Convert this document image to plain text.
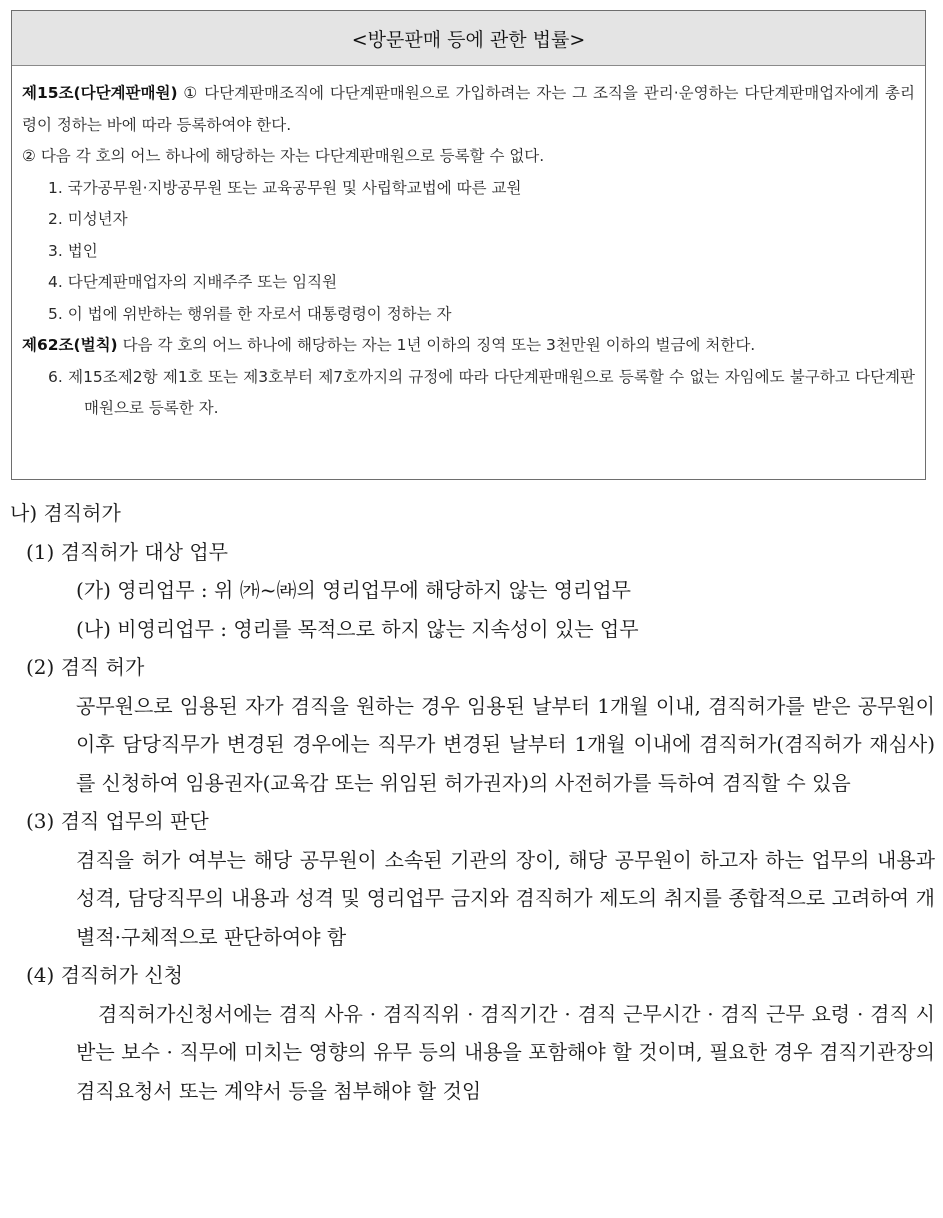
<방문판매 등에 관한 법률>

제15조(다단계판매원) ① 다단계판매조직에 다단계판매원으로 가입하려는 자는 그 조직을 관리·운영하는 다단계판매업자에게 총리령이 정하는 바에 따라 등록하여야 한다.

② 다음 각 호의 어느 하나에 해당하는 자는 다단계판매원으로 등록할 수 없다.

1. 국가공무원·지방공무원 또는 교육공무원 및 사립학교법에 따른 교원

2. 미성년자

3. 법인

4. 다단계판매업자의 지배주주 또는 임직원

5. 이 법에 위반하는 행위를 한 자로서 대통령령이 정하는 자

제62조(벌칙) 다음 각 호의 어느 하나에 해당하는 자는 1년 이하의 징역 또는 3천만원 이하의 벌금에 처한다.

6. 제15조제2항 제1호 또는 제3호부터 제7호까지의 규정에 따라 다단계판매원으로 등록할 수 없는 자임에도 불구하고 다단계판매원으로 등록한 자.

나) 겸직허가

(1) 겸직허가 대상 업무

(가) 영리업무 : 위 ㈎~㈑의 영리업무에 해당하지 않는 영리업무

(나) 비영리업무 : 영리를 목적으로 하지 않는 지속성이 있는 업무

(2) 겸직 허가

공무원으로 임용된 자가 겸직을 원하는 경우 임용된 날부터 1개월 이내, 겸직허가를 받은 공무원이 이후 담당직무가 변경된 경우에는 직무가 변경된 날부터 1개월 이내에 겸직허가(겸직허가 재심사)를 신청하여 임용권자(교육감 또는 위임된 허가권자)의 사전허가를 득하여 겸직할 수 있음

(3) 겸직 업무의 판단

겸직을 허가 여부는 해당 공무원이 소속된 기관의 장이, 해당 공무원이 하고자 하는 업무의 내용과 성격, 담당직무의 내용과 성격 및 영리업무 금지와 겸직허가 제도의 취지를 종합적으로 고려하여 개별적·구체적으로 판단하여야 함

(4) 겸직허가 신청

겸직허가신청서에는 겸직 사유 · 겸직직위 · 겸직기간 · 겸직 근무시간 · 겸직 근무 요령 · 겸직 시 받는 보수 · 직무에 미치는 영향의 유무 등의 내용을 포함해야 할 것이며, 필요한 경우 겸직기관장의 겸직요청서 또는 계약서 등을 첨부해야 할 것임
